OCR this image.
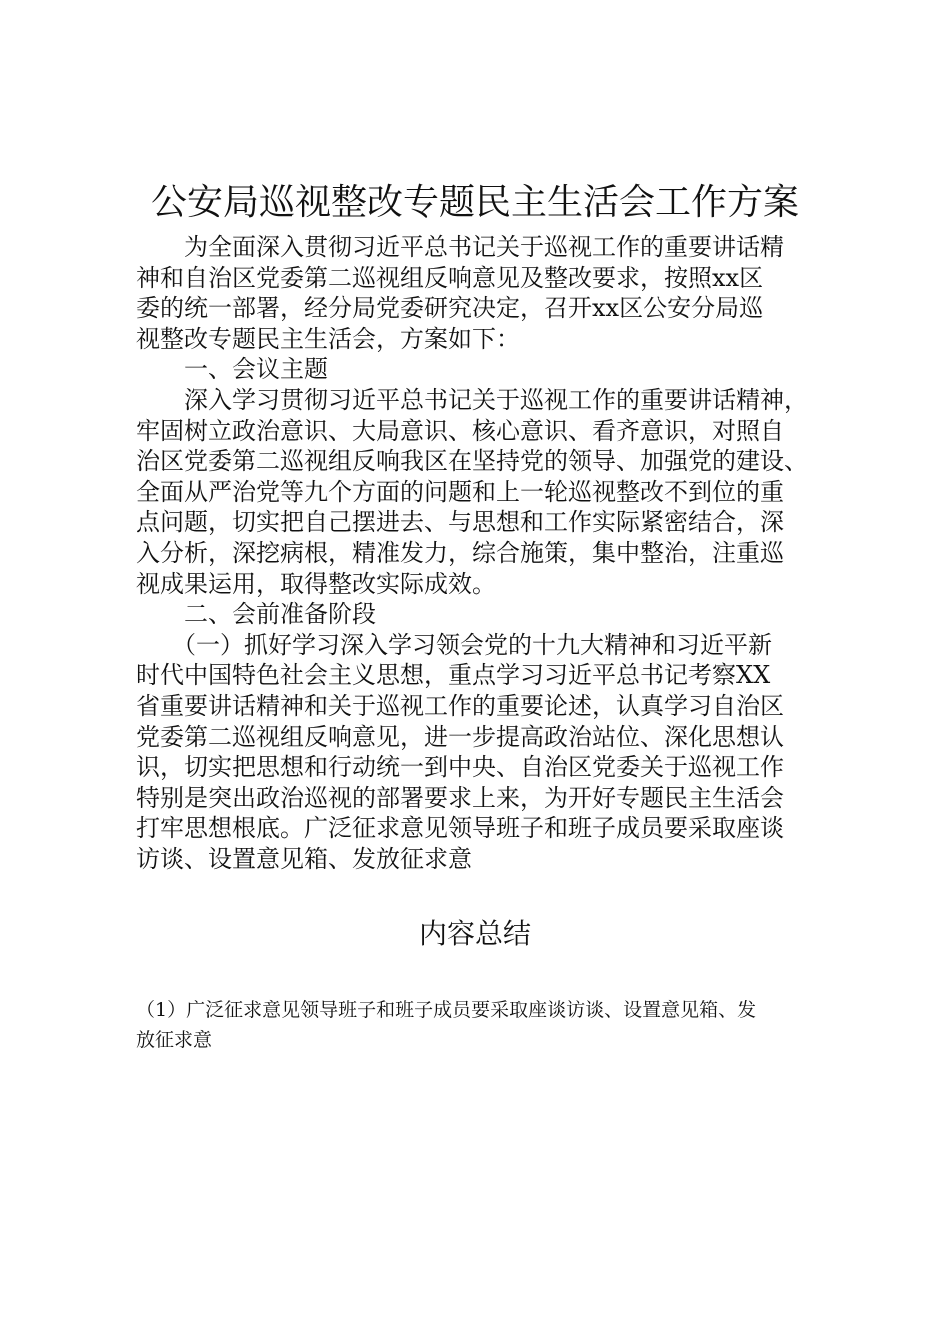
公安局巡视整改专题民主生活会工作方案
　　为全面深入贯彻习近平总书记关于巡视工作的重要讲话精
神和自治区党委第二巡视组反响意见及整改要求，按照xx区
委的统一部署，经分局党委研究决定，召开xx区公安分局巡
视整改专题民主生活会，方案如下：
　　一、会议主题
　　深入学习贯彻习近平总书记关于巡视工作的重要讲话精神，
牢固树立政治意识、大局意识、核心意识、看齐意识，对照自
治区党委第二巡视组反响我区在坚持党的领导、加强党的建设、
全面从严治党等九个方面的问题和上一轮巡视整改不到位的重
点问题，切实把自己摆进去、与思想和工作实际紧密结合，深
入分析，深挖病根，精准发力，综合施策，集中整治，注重巡
视成果运用，取得整改实际成效。
　　二、会前准备阶段
　　（一）抓好学习深入学习领会党的十九大精神和习近平新
时代中国特色社会主义思想，重点学习习近平总书记考察XX
省重要讲话精神和关于巡视工作的重要论述，认真学习自治区
党委第二巡视组反响意见，进一步提高政治站位、深化思想认
识，切实把思想和行动统一到中央、自治区党委关于巡视工作
特别是突出政治巡视的部署要求上来，为开好专题民主生活会
打牢思想根底。广泛征求意见领导班子和班子成员要采取座谈
访谈、设置意见箱、发放征求意
内容总结
（1）广泛征求意见领导班子和班子成员要采取座谈访谈、设置意见箱、发
放征求意
